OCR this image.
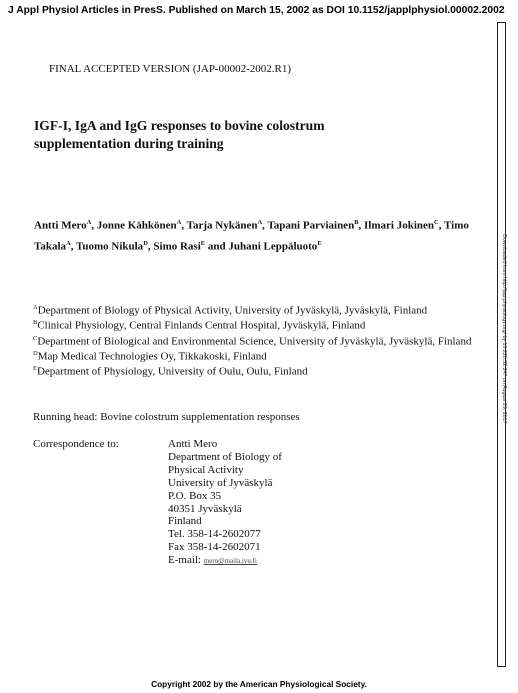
J Appl Physiol Articles in PresS. Published on March 15, 2002 as DOI 10.1152/japplphysiol.00002.2002
Downloaded from http://jap.physiology.org/ by 10.220.32.247 on August 29, 2017
FINAL ACCEPTED VERSION (JAP-00002-2002.R1)
IGF-I, IgA and IgG responses to bovine colostrum
supplementation during training

Antti Mero$^A$, Jonne Kähkönen$^A$, Tarja Nykänen$^A$, Tapani Parviainen$^B$, Ilmari Jokinen$^C$, Timo Takala$^A$, Tuomo Nikula$^D$, Simo Rasi$^E$ and Juhani Leppäluoto$^E$

$^A$Department of Biology of Physical Activity, University of Jyväskylä, Jyväskylä, Finland

$^B$Clinical Physiology, Central Finlands Central Hospital, Jyväskylä, Finland

$^C$Department of Biological and Environmental Science, University of Jyväskylä, Jyväskylä, Finland

$^D$Map Medical Technologies Oy, Tikkakoski, Finland

$^E$Department of Physiology, University of Oulu, Oulu, Finland

Running head: Bovine colostrum supplementation responses
Correspondence to:	Antti Mero
Department of Biology of
Physical Activity
University of Jyväskylä
P.O. Box 35
40351 Jyväskylä
Finland
Tel. 358-14-2602077
Fax 358-14-2602071
E-mail: mero@maila.jyu.fi
Copyright 2002 by the American Physiological Society.
